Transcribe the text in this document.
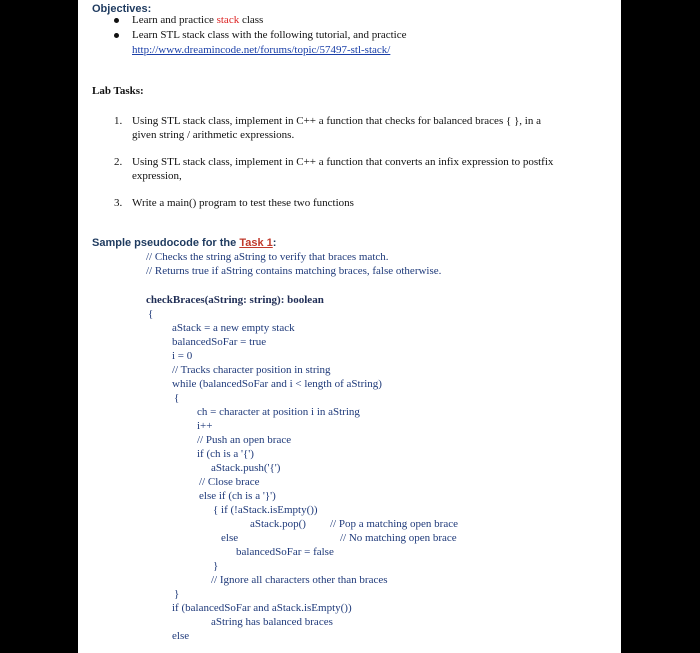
Objectives:
Learn and practice stack class
Learn STL stack class with the following tutorial, and practice
http://www.dreamincode.net/forums/topic/57497-stl-stack/
Lab Tasks:
1. Using STL stack class, implement in C++ a function that checks for balanced braces { }, in a
given string / arithmetic expressions.
2. Using STL stack class, implement in C++ a function that converts an infix expression to postfix
expression,
3. Write a main() program to test these two functions
Sample pseudocode for the Task 1:
// Checks the string aString to verify that braces match.
// Returns true if aString contains matching braces, false otherwise.
checkBraces(aString: string): boolean
{
aStack = a new empty stack
balancedSoFar = true
i = 0
// Tracks character position in string
while (balancedSoFar and i < length of aString)
{
ch = character at position i in aString
i++
// Push an open brace
if (ch is a '{')
aStack.push('{')
// Close brace
else if (ch is a '}')
{ if (!aStack.isEmpty())
aStack.pop() // Pop a matching open brace
else	// No matching open brace
balancedSoFar = false
}
// Ignore all characters other than braces
}
if (balancedSoFar and aStack.isEmpty())
aString has balanced braces
else
